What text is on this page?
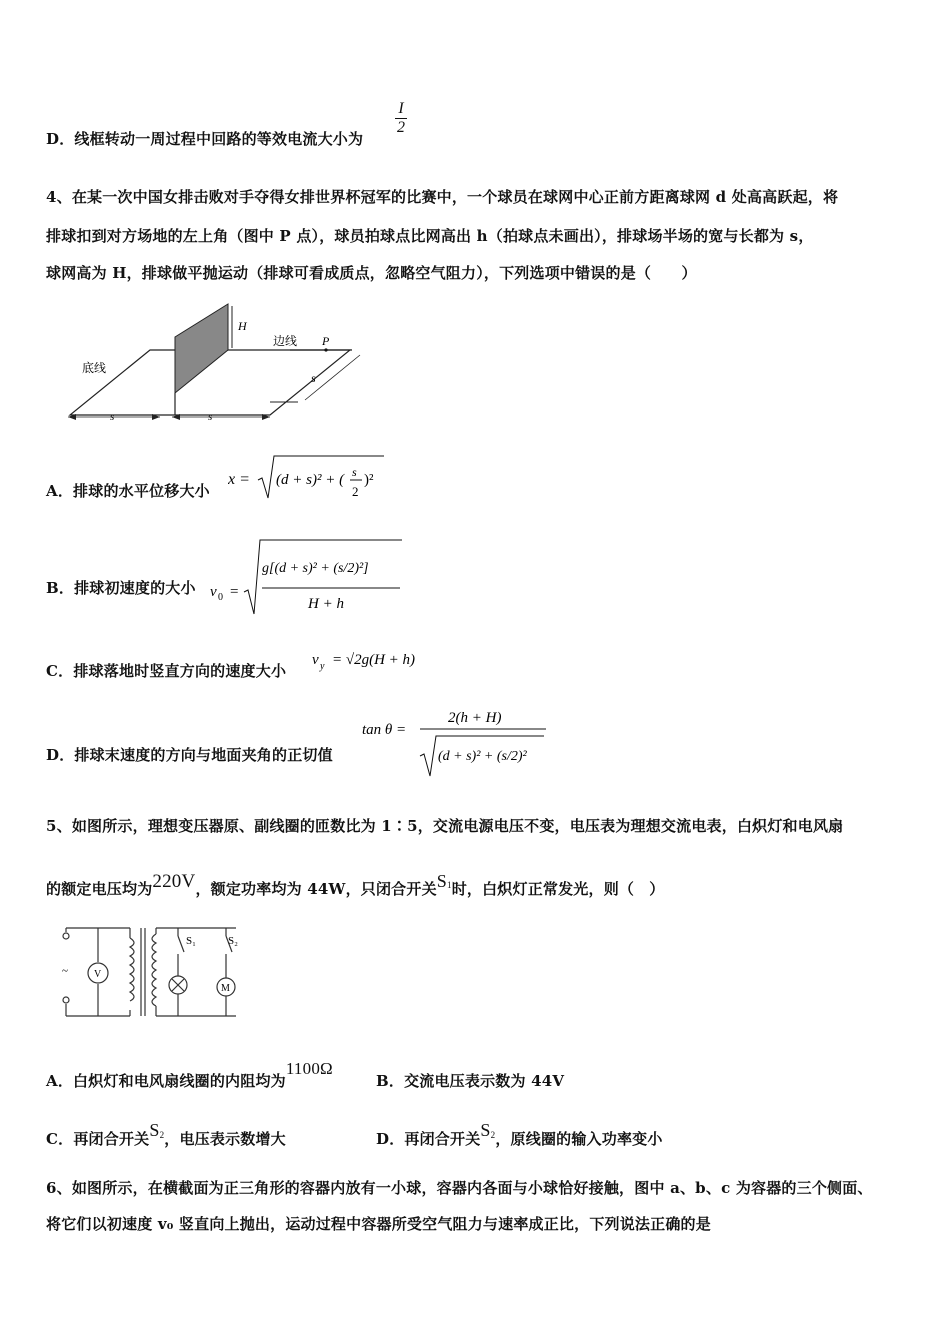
D．线框转动一周过程中回路的等效电流大小为
$\frac{I}{2}$
4、在某一次中国女排击败对手夺得女排世界杯冠军的比赛中，一个球员在球网中心正前方距离球网 d 处高高跃起，将
排球扣到对方场地的左上角（图中 P 点），球员拍球点比网高出 h（拍球点未画出），排球场半场的宽与长都为 s，
球网高为 H，排球做平抛运动（排球可看成质点，忽略空气阻力），下列选项中错误的是（　　）
H
边线 P
s
底线
s	s
A．排球的水平位移大小
x = (d + s)² + ( s
2
)²
B．排球初速度的大小 v 0 =
g[(d + s)² + (s/2)²]
H + h
C．排球落地时竖直方向的速度大小
v y = √2g(H + h)
D．排球末速度的方向与地面夹角的正切值
tan θ =
2(h + H)
(d + s)² + (s/2)²
5、如图所示，理想变压器原、副线圈的匝数比为 1∶5，交流电源电压不变，电压表为理想交流电表，白炽灯和电风扇
的额定电压均为220V，额定功率均为 44W，只闭合开关$S_1$时，白炽灯正常发光，则（　）
S₁	S₂
V
M
~
A．白炽灯和电风扇线圈的内阻均为1100Ω
B．交流电压表示数为 44V
C．再闭合开关$S_2$，电压表示数增大	D．再闭合开关$S_2$，原线圈的输入功率变小
6、如图所示，在横截面为正三角形的容器内放有一小球，容器内各面与小球恰好接触，图中 a、b、c 为容器的三个侧面、
将它们以初速度 v₀ 竖直向上抛出，运动过程中容器所受空气阻力与速率成正比，下列说法正确的是
